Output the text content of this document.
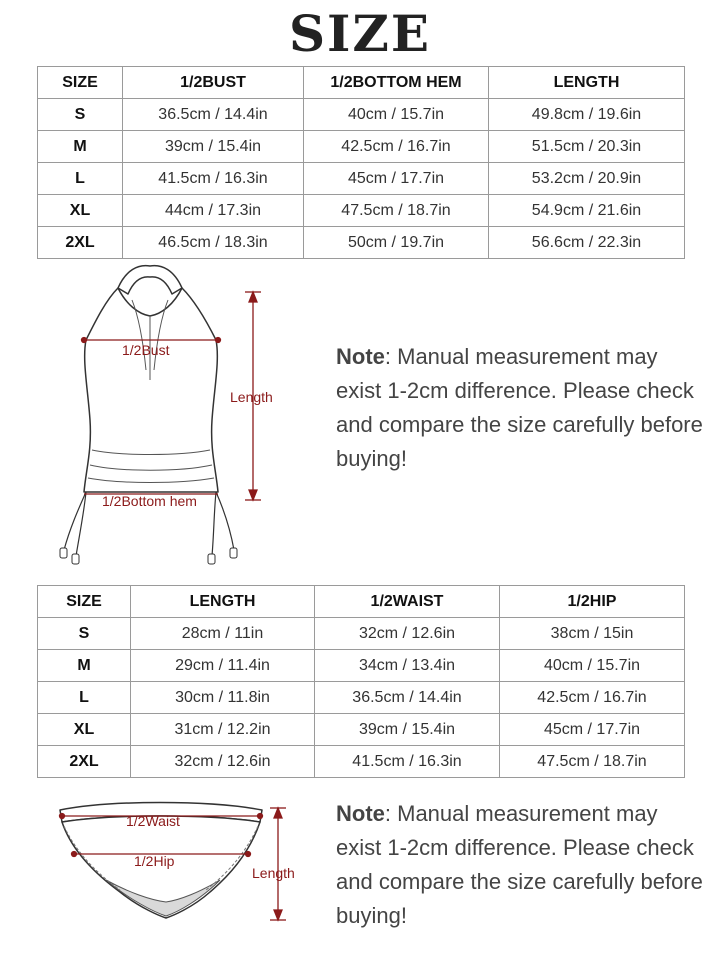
SIZE
SIZE	1/2BUST	1/2BOTTOM HEM	LENGTH
S	36.5cm / 14.4in	40cm / 15.7in	49.8cm / 19.6in
M	39cm / 15.4in	42.5cm / 16.7in	51.5cm / 20.3in
L	41.5cm / 16.3in	45cm / 17.7in	53.2cm / 20.9in
XL	44cm / 17.3in	47.5cm / 18.7in	54.9cm / 21.6in
2XL	46.5cm / 18.3in	50cm / 19.7in	56.6cm / 22.3in
1/2Bust
Length
1/2Bottom hem
Note: Manual measurement may exist 1-2cm difference. Please check and compare the size carefully before buying!
SIZE	LENGTH	1/2WAIST	1/2HIP
S	28cm / 11in	32cm / 12.6in	38cm / 15in
M	29cm / 11.4in	34cm / 13.4in	40cm / 15.7in
L	30cm / 11.8in	36.5cm / 14.4in	42.5cm / 16.7in
XL	31cm / 12.2in	39cm / 15.4in	45cm / 17.7in
2XL	32cm / 12.6in	41.5cm / 16.3in	47.5cm / 18.7in
1/2Waist
1/2Hip
Length
Note: Manual measurement may exist 1-2cm difference. Please check and compare the size carefully before buying!
